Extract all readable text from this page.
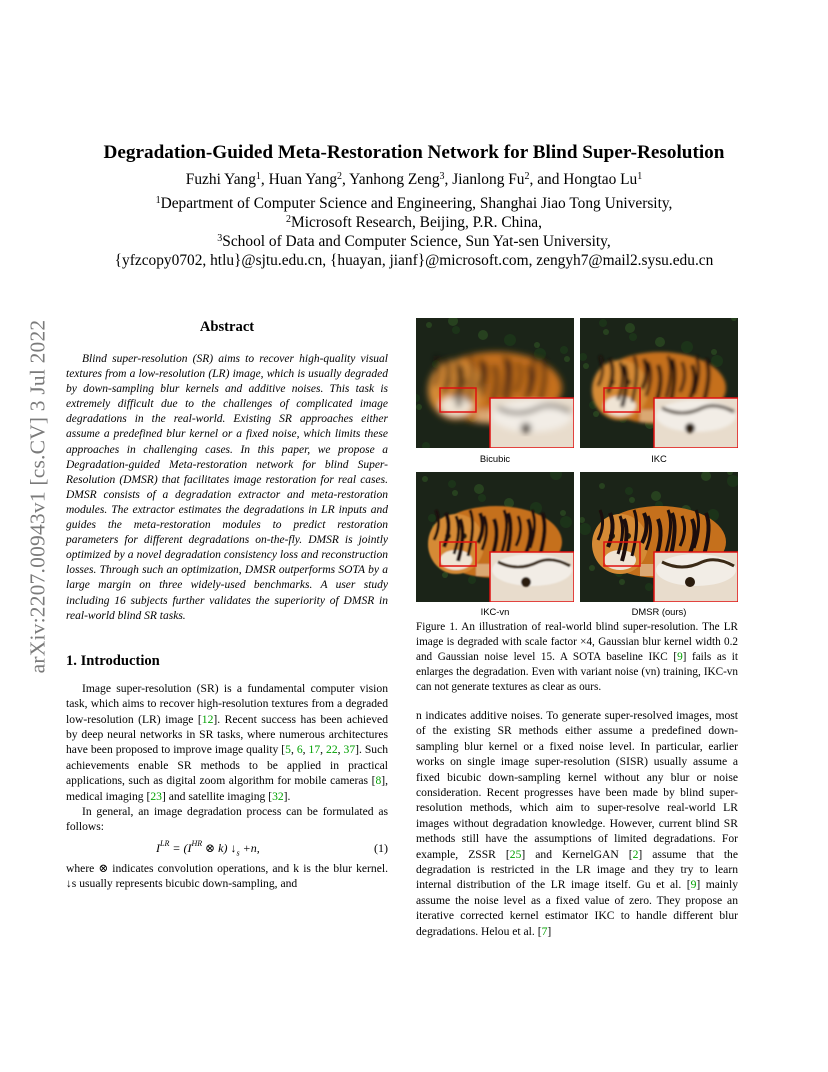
arXiv:2207.00943v1 [cs.CV] 3 Jul 2022
Degradation-Guided Meta-Restoration Network for Blind Super-Resolution
Fuzhi Yang$^1$, Huan Yang$^2$, Yanhong Zeng$^3$, Jianlong Fu$^2$, and Hongtao Lu$^1$
$^1$Department of Computer Science and Engineering, Shanghai Jiao Tong University,
$^2$Microsoft Research, Beijing, P.R. China,
$^3$School of Data and Computer Science, Sun Yat-sen University,
{yfzcopy0702, htlu}@sjtu.edu.cn, {huayan, jianf}@microsoft.com, zengyh7@mail2.sysu.edu.cn
Abstract

Blind super-resolution (SR) aims to recover high-quality visual textures from a low-resolution (LR) image, which is usually degraded by down-sampling blur kernels and additive noises. This task is extremely difficult due to the challenges of complicated image degradations in the real-world. Existing SR approaches either assume a predefined blur kernel or a fixed noise, which limits these approaches in challenging cases. In this paper, we propose a Degradation-guided Meta-restoration network for blind Super-Resolution (DMSR) that facilitates image restoration for real cases. DMSR consists of a degradation extractor and meta-restoration modules. The extractor estimates the degradations in LR inputs and guides the meta-restoration modules to predict restoration parameters for different degradations on-the-fly. DMSR is jointly optimized by a novel degradation consistency loss and reconstruction losses. Through such an optimization, DMSR outperforms SOTA by a large margin on three widely-used benchmarks. A user study including 16 subjects further validates the superiority of DMSR in real-world blind SR tasks.

1. Introduction

Image super-resolution (SR) is a fundamental computer vision task, which aims to recover high-resolution textures from a degraded low-resolution (LR) image [12]. Recent success has been achieved by deep neural networks in SR tasks, where numerous architectures have been proposed to improve image quality [5, 6, 17, 22, 37]. Such achievements enable SR methods to be applied in practical applications, such as digital zoom algorithm for mobile cameras [8], medical imaging [23] and satellite imaging [32].

In general, an image degradation process can be formulated as follows:

$I^{LR} = (I^{HR}$ ⊗ k) $↓_s +n$,	(1)

where ⊗ indicates convolution operations, and k is the blur kernel. ↓s usually represents bicubic down-sampling, and

Bicubic	IKC
IKC-vn	DMSR (ours)
Figure 1. An illustration of real-world blind super-resolution. The LR image is degraded with scale factor ×4, Gaussian blur kernel width 0.2 and Gaussian noise level 15. A SOTA baseline IKC [9] fails as it enlarges the degradation. Even with variant noise (vn) training, IKC-vn can not generate textures as clear as ours.

n indicates additive noises. To generate super-resolved images, most of the existing SR methods either assume a predefined down-sampling blur kernel or a fixed noise level. In particular, earlier works on single image super-resolution (SISR) usually assume a fixed bicubic down-sampling kernel without any blur or noise consideration. Recent progresses have been made by blind super-resolution methods, which aim to super-resolve real-world LR images without degradation knowledge. However, current blind SR methods still have the assumptions of limited degradations. For example, ZSSR [25] and KernelGAN [2] assume that the degradation is restricted in the LR image and they try to learn internal distribution of the LR image itself. Gu et al. [9] mainly assume the noise level as a fixed value of zero. They propose an iterative corrected kernel estimator IKC to handle different blur degradations. Helou et al. [7]
